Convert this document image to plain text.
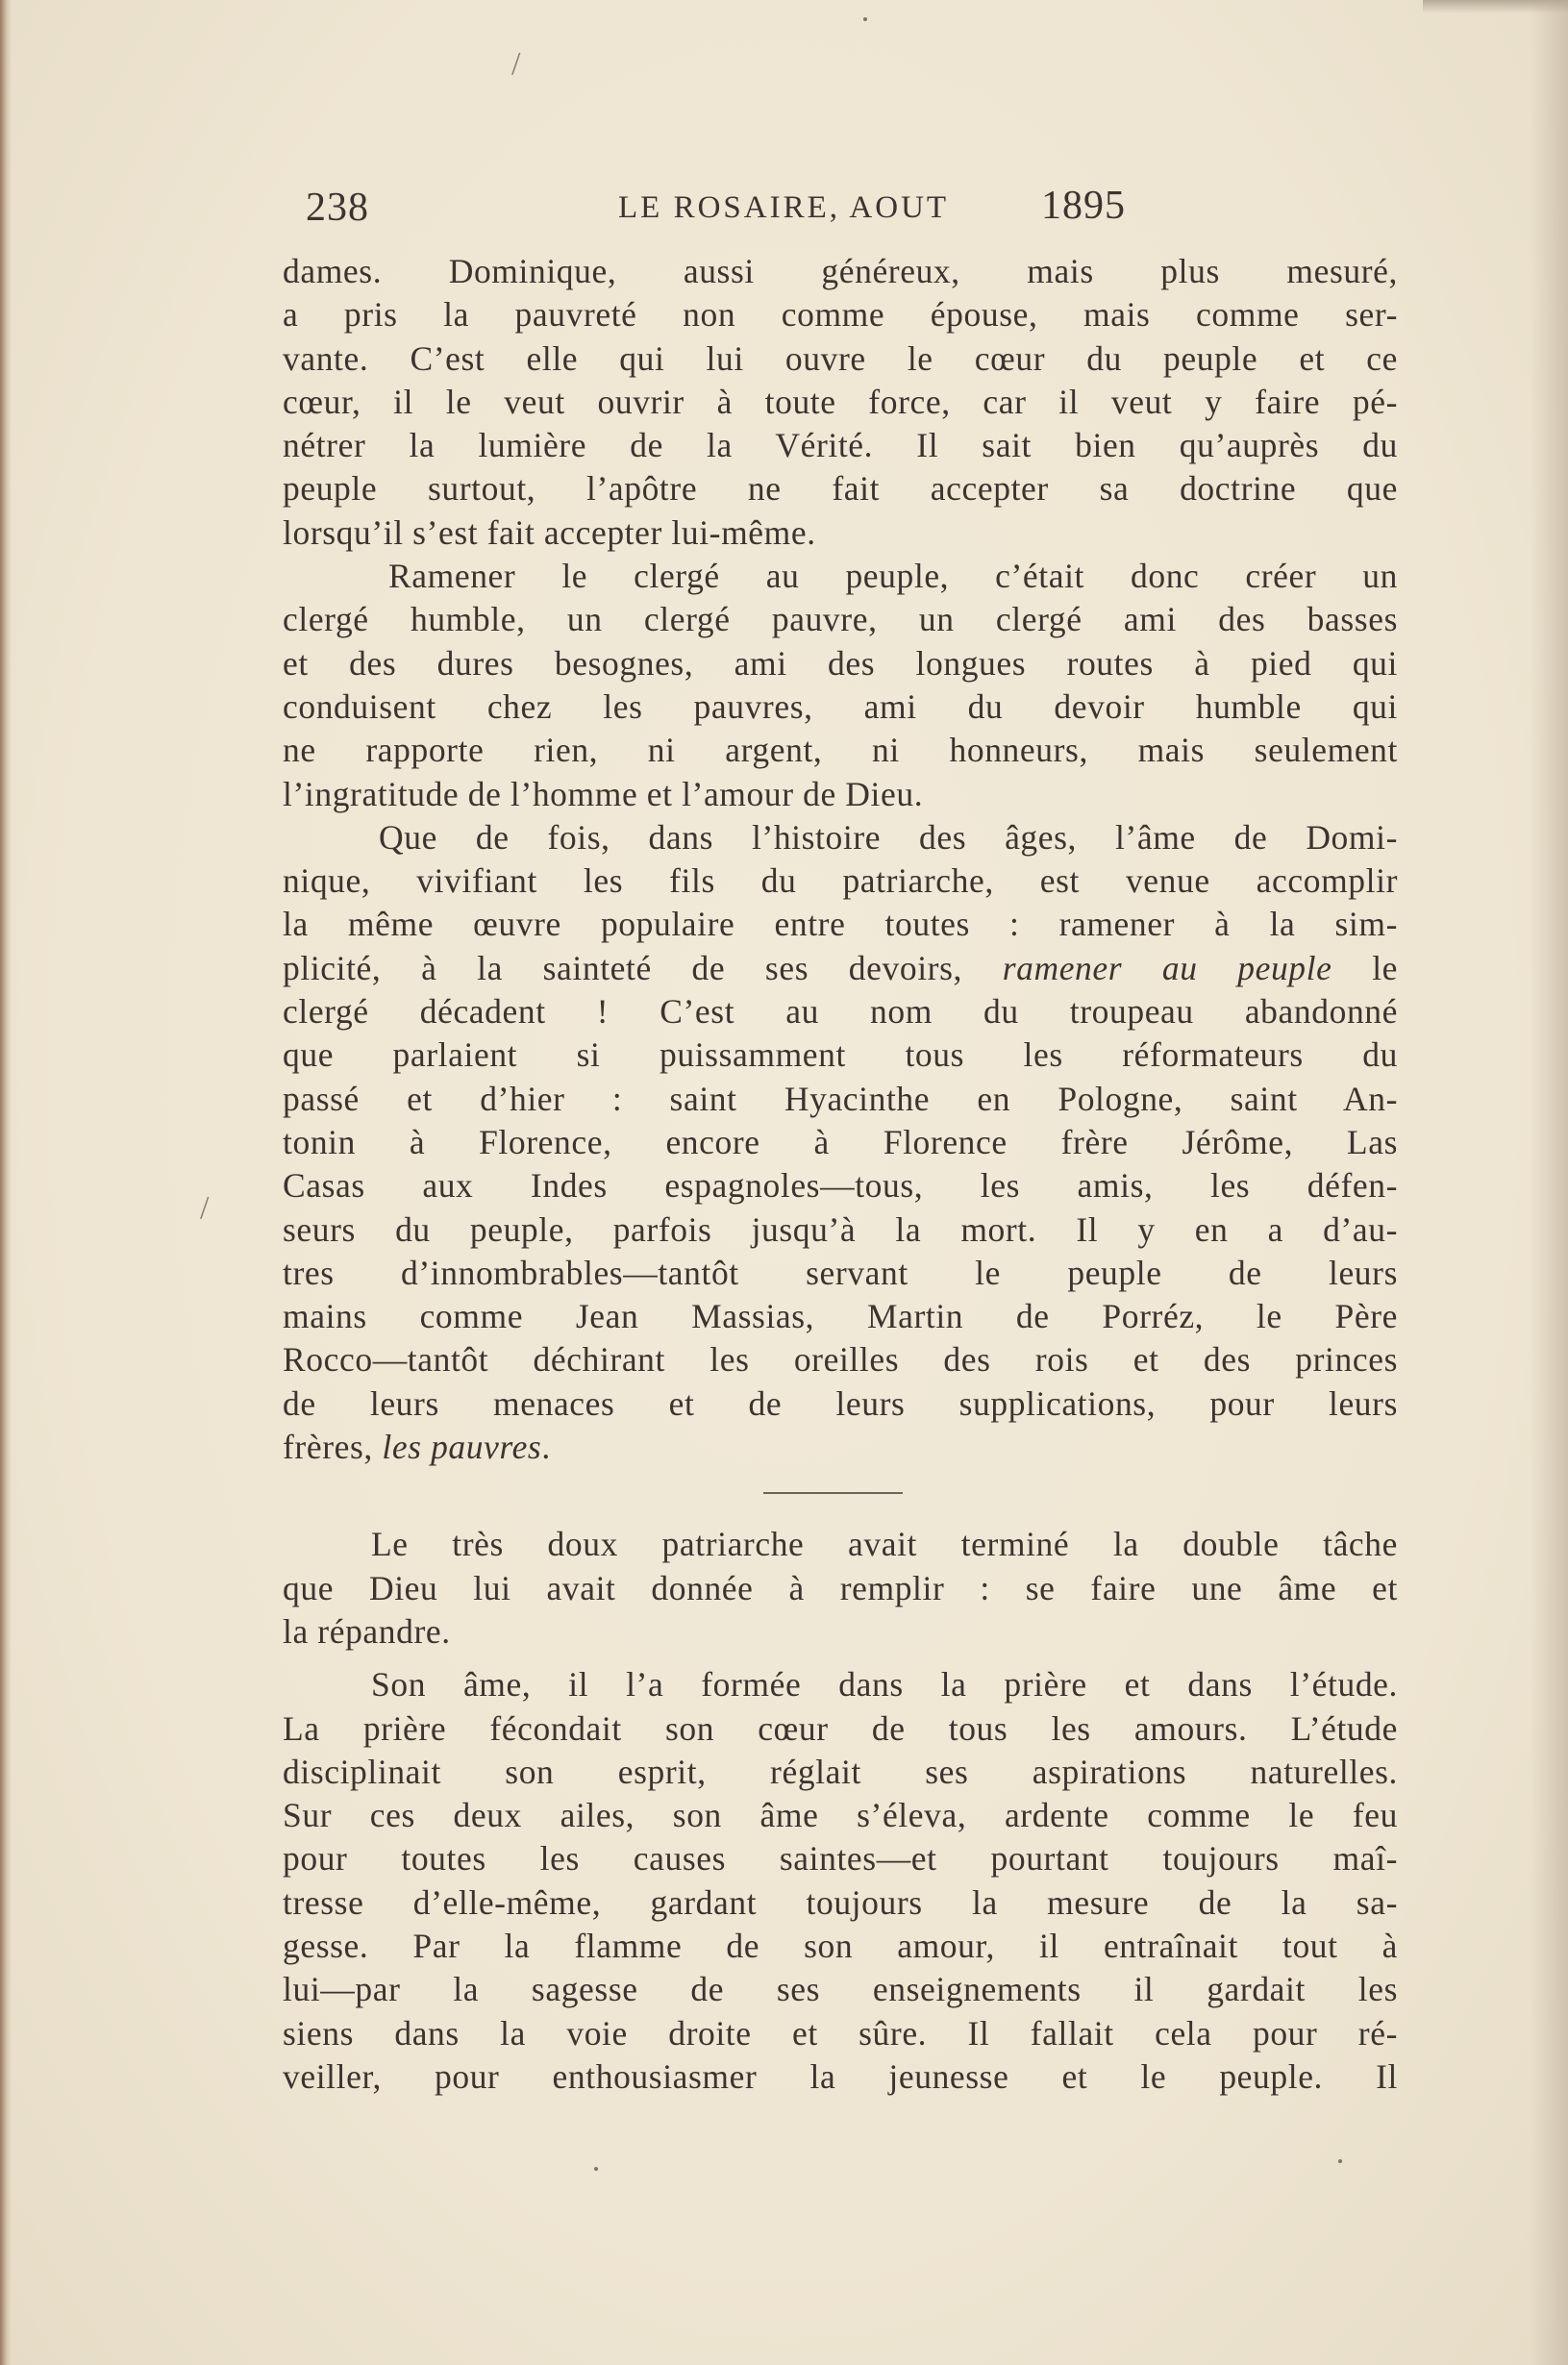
/
/
238	LE ROSAIRE, AOUT 1895
dames. Dominique, aussi généreux, mais plus mesuré,
a pris la pauvreté non comme épouse, mais comme ser-
vante. C’est elle qui lui ouvre le cœur du peuple et ce
cœur, il le veut ouvrir à toute force, car il veut y faire pé-
nétrer la lumière de la Vérité. Il sait bien qu’auprès du
peuple surtout, l’apôtre ne fait accepter sa doctrine que
lorsqu’il s’est fait accepter lui-même.
Ramener le clergé au peuple, c’était donc créer un
clergé humble, un clergé pauvre, un clergé ami des basses
et des dures besognes, ami des longues routes à pied qui
conduisent chez les pauvres, ami du devoir humble qui
ne rapporte rien, ni argent, ni honneurs, mais seulement
l’ingratitude de l’homme et l’amour de Dieu.
Que de fois, dans l’histoire des âges, l’âme de Domi-
nique, vivifiant les fils du patriarche, est venue accomplir
la même œuvre populaire entre toutes : ramener à la sim-
plicité, à la sainteté de ses devoirs, ramener au peuple le
clergé décadent ! C’est au nom du troupeau abandonné
que parlaient si puissamment tous les réformateurs du
passé et d’hier : saint Hyacinthe en Pologne, saint An-
tonin à Florence, encore à Florence frère Jérôme, Las
Casas aux Indes espagnoles—tous, les amis, les défen-
seurs du peuple, parfois jusqu’à la mort. Il y en a d’au-
tres d’innombrables—tantôt servant le peuple de leurs
mains comme Jean Massias, Martin de Porréz, le Père
Rocco—tantôt déchirant les oreilles des rois et des princes
de leurs menaces et de leurs supplications, pour leurs
frères, les pauvres.
Le très doux patriarche avait terminé la double tâche
que Dieu lui avait donnée à remplir : se faire une âme et
la répandre.
Son âme, il l’a formée dans la prière et dans l’étude.
La prière fécondait son cœur de tous les amours. L’étude
disciplinait son esprit, réglait ses aspirations naturelles.
Sur ces deux ailes, son âme s’éleva, ardente comme le feu
pour toutes les causes saintes—et pourtant toujours maî-
tresse d’elle-même, gardant toujours la mesure de la sa-
gesse. Par la flamme de son amour, il entraînait tout à
lui—par la sagesse de ses enseignements il gardait les
siens dans la voie droite et sûre. Il fallait cela pour ré-
veiller, pour enthousiasmer la jeunesse et le peuple. Il
